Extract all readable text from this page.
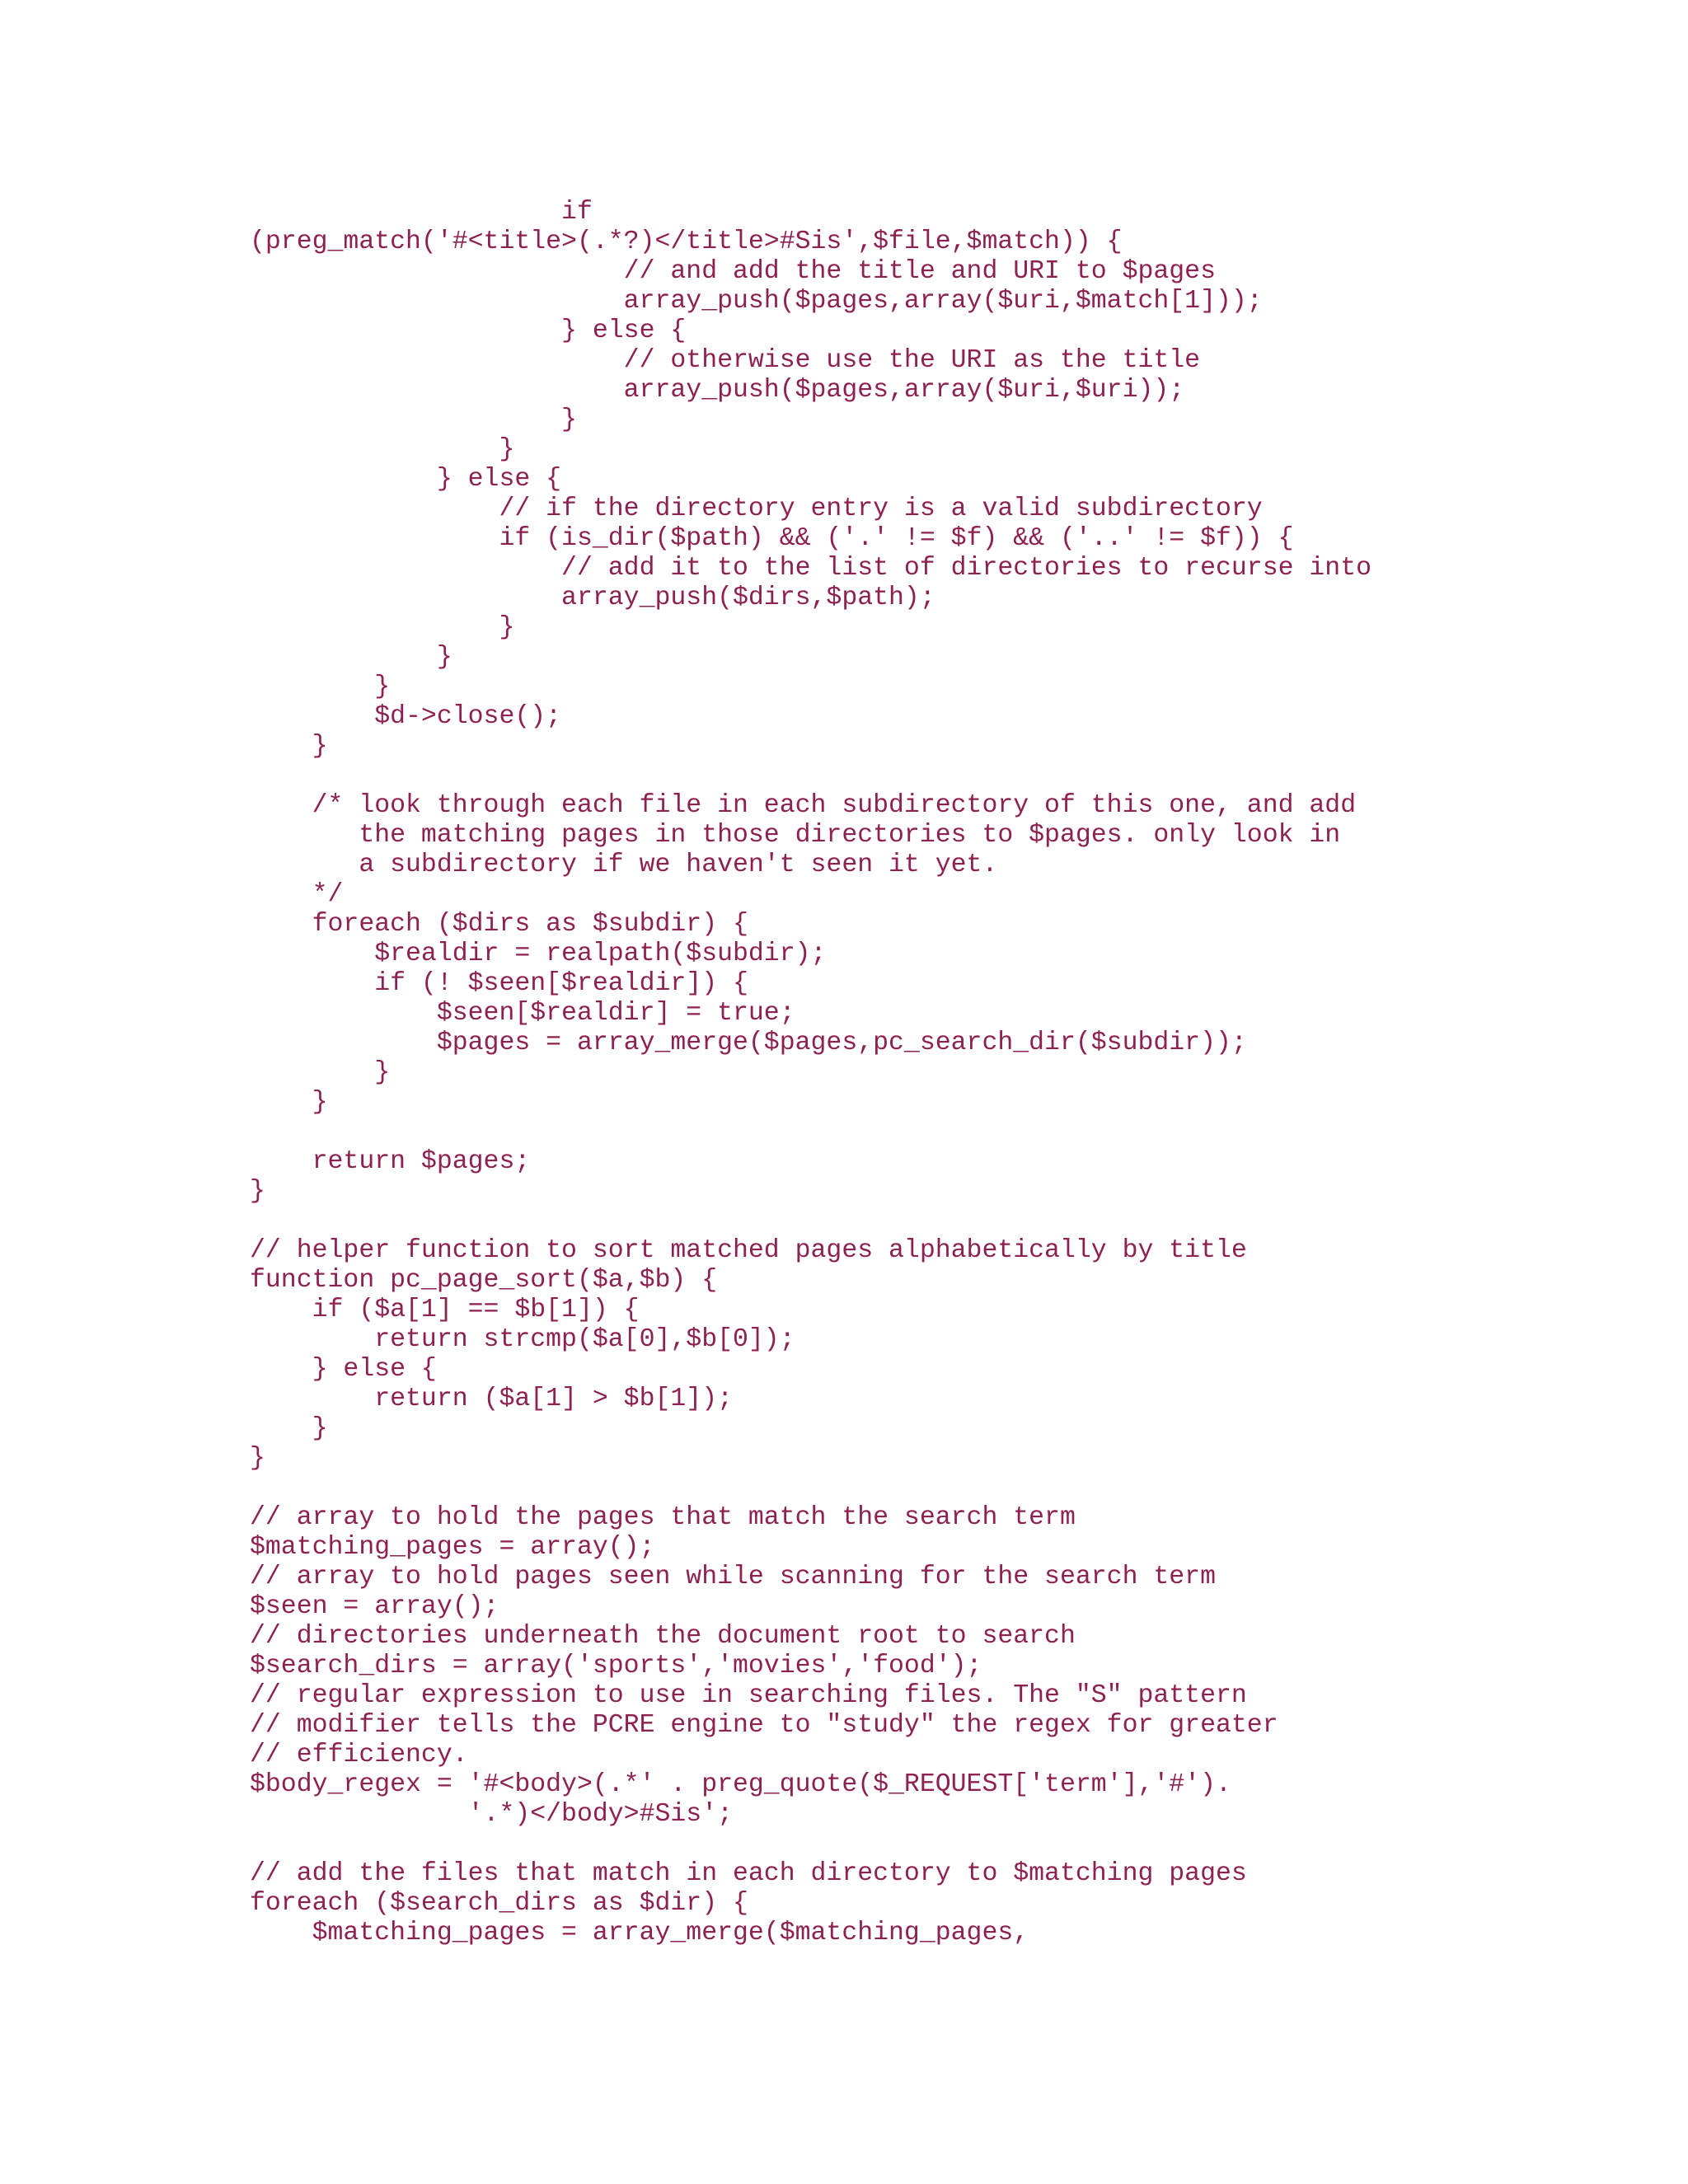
if
(preg_match('#<title>(.*?)</title>#Sis',$file,$match)) {
// and add the title and URI to $pages
array_push($pages,array($uri,$match[1]));
} else {
// otherwise use the URI as the title
array_push($pages,array($uri,$uri));
}
}
} else {
// if the directory entry is a valid subdirectory
if (is_dir($path) && ('.' != $f) && ('..' != $f)) {
// add it to the list of directories to recurse into
array_push($dirs,$path);
}
}
}
$d->close();
}
/* look through each file in each subdirectory of this one, and add
the matching pages in those directories to $pages. only look in
a subdirectory if we haven't seen it yet.
*/
foreach ($dirs as $subdir) {
$realdir = realpath($subdir);
if (! $seen[$realdir]) {
$seen[$realdir] = true;
$pages = array_merge($pages,pc_search_dir($subdir));
}
}
return $pages;
}
// helper function to sort matched pages alphabetically by title
function pc_page_sort($a,$b) {
if ($a[1] == $b[1]) {
return strcmp($a[0],$b[0]);
} else {
return ($a[1] > $b[1]);
}
}
// array to hold the pages that match the search term
$matching_pages = array();
// array to hold pages seen while scanning for the search term
$seen = array();
// directories underneath the document root to search
$search_dirs = array('sports','movies','food');
// regular expression to use in searching files. The "S" pattern
// modifier tells the PCRE engine to "study" the regex for greater
// efficiency.
$body_regex = '#<body>(.*' . preg_quote($_REQUEST['term'],'#').
'.*)</body>#Sis';
// add the files that match in each directory to $matching pages
foreach ($search_dirs as $dir) {
$matching_pages = array_merge($matching_pages,
